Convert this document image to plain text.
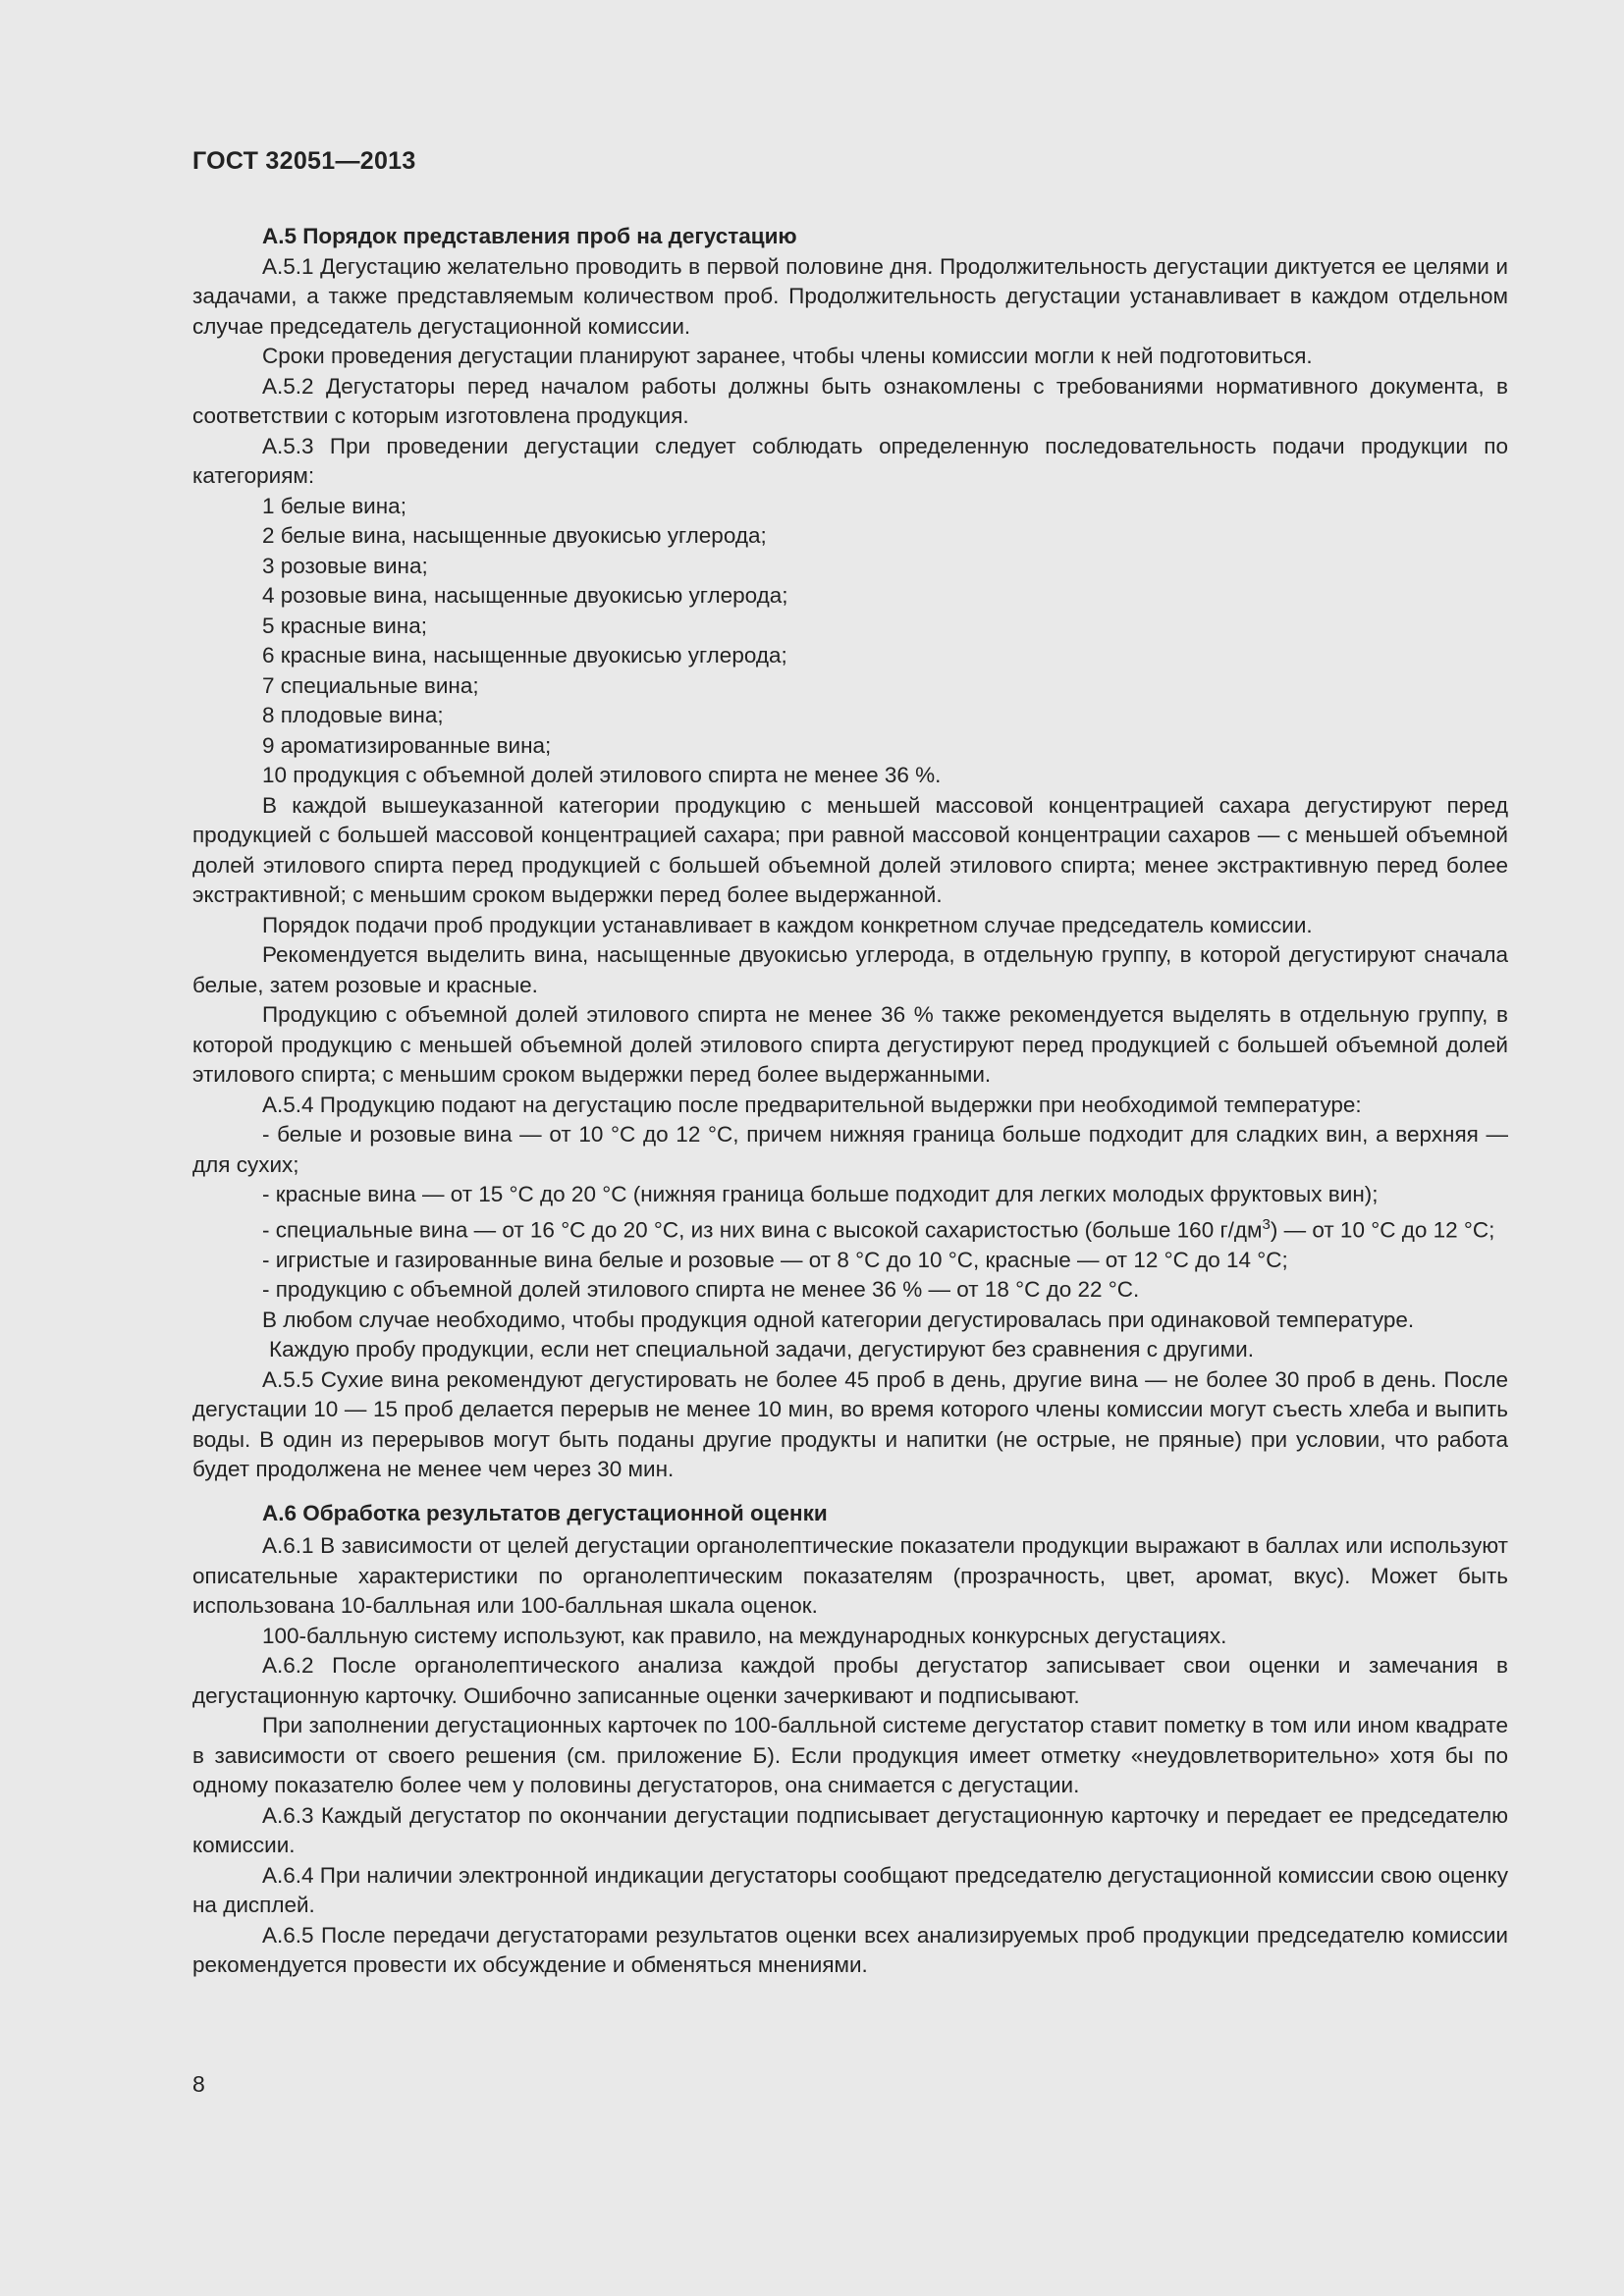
ГОСТ 32051—2013
А.5 Порядок представления проб на дегустацию

А.5.1 Дегустацию желательно проводить в первой половине дня. Продолжительность дегустации диктуется ее целями и задачами, а также представляемым количеством проб. Продолжительность дегустации устанавливает в каждом отдельном случае председатель дегустационной комиссии.

Сроки проведения дегустации планируют заранее, чтобы члены комиссии могли к ней подготовиться.

А.5.2 Дегустаторы перед началом работы должны быть ознакомлены с требованиями нормативного документа, в соответствии с которым изготовлена продукция.

А.5.3 При проведении дегустации следует соблюдать определенную последовательность подачи продукции по категориям:

1 белые вина;

2 белые вина, насыщенные двуокисью углерода;

3 розовые вина;

4 розовые вина, насыщенные двуокисью углерода;

5 красные вина;

6 красные вина, насыщенные двуокисью углерода;

7 специальные вина;

8 плодовые вина;

9 ароматизированные вина;

10 продукция с объемной долей этилового спирта не менее 36 %.

В каждой вышеуказанной категории продукцию с меньшей массовой концентрацией сахара дегустируют перед продукцией с большей массовой концентрацией сахара; при равной массовой концентрации сахаров — с меньшей объемной долей этилового спирта перед продукцией с большей объемной долей этилового спирта; менее экстрактивную перед более экстрактивной; с меньшим сроком выдержки перед более выдержанной.

Порядок подачи проб продукции устанавливает в каждом конкретном случае председатель комиссии.

Рекомендуется выделить вина, насыщенные двуокисью углерода, в отдельную группу, в которой дегустируют сначала белые, затем розовые и красные.

Продукцию с объемной долей этилового спирта не менее 36 % также рекомендуется выделять в отдельную группу, в которой продукцию с меньшей объемной долей этилового спирта дегустируют перед продукцией с большей объемной долей этилового спирта; с меньшим сроком выдержки перед более выдержанными.

А.5.4 Продукцию подают на дегустацию после предварительной выдержки при необходимой температуре:

- белые и розовые вина — от 10 °С до 12 °С, причем нижняя граница больше подходит для сладких вин, а верхняя — для сухих;

- красные вина — от 15 °С до 20 °С (нижняя граница больше подходит для легких молодых фруктовых вин);

- специальные вина — от 16 °С до 20 °С, из них вина с высокой сахаристостью (больше 160 $г/дм^3$) — от 10 °С до 12 °С;

- игристые и газированные вина белые и розовые — от 8 °С до 10 °С, красные — от 12 °С до 14 °С;

- продукцию с объемной долей этилового спирта не менее 36 % — от 18 °С до 22 °С.

В любом случае необходимо, чтобы продукция одной категории дегустировалась при одинаковой температуре.

Каждую пробу продукции, если нет специальной задачи, дегустируют без сравнения с другими.

А.5.5 Сухие вина рекомендуют дегустировать не более 45 проб в день, другие вина — не более 30 проб в день. После дегустации 10 — 15 проб делается перерыв не менее 10 мин, во время которого члены комиссии могут съесть хлеба и выпить воды. В один из перерывов могут быть поданы другие продукты и напитки (не острые, не пряные) при условии, что работа будет продолжена не менее чем через 30 мин.

А.6 Обработка результатов дегустационной оценки

А.6.1 В зависимости от целей дегустации органолептические показатели продукции выражают в баллах или используют описательные характеристики по органолептическим показателям (прозрачность, цвет, аромат, вкус). Может быть использована 10-балльная или 100-балльная шкала оценок.

100-балльную систему используют, как правило, на международных конкурсных дегустациях.

А.6.2 После органолептического анализа каждой пробы дегустатор записывает свои оценки и замечания в дегустационную карточку. Ошибочно записанные оценки зачеркивают и подписывают.

При заполнении дегустационных карточек по 100-балльной системе дегустатор ставит пометку в том или ином квадрате в зависимости от своего решения (см. приложение Б). Если продукция имеет отметку «неудовлетворительно» хотя бы по одному показателю более чем у половины дегустаторов, она снимается с дегустации.

А.6.3 Каждый дегустатор по окончании дегустации подписывает дегустационную карточку и передает ее председателю комиссии.

А.6.4 При наличии электронной индикации дегустаторы сообщают председателю дегустационной комиссии свою оценку на дисплей.

А.6.5 После передачи дегустаторами результатов оценки всех анализируемых проб продукции председателю комиссии рекомендуется провести их обсуждение и обменяться мнениями.

8
